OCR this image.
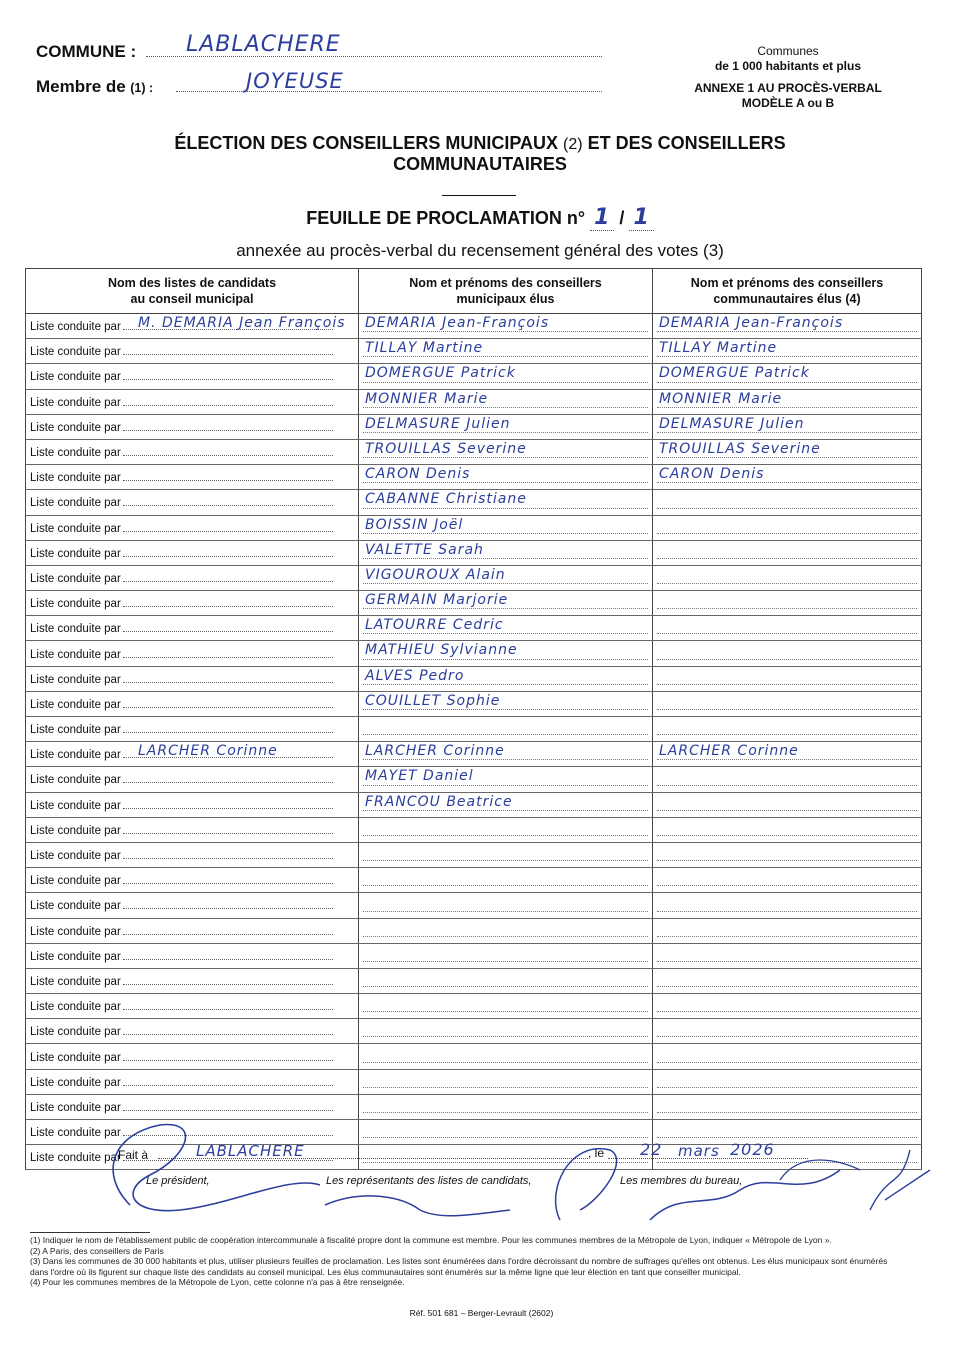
COMMUNE : LABLACHERE
Membre de (1) :	JOYEUSE
Communes
de 1 000 habitants et plus
ANNEXE 1 AU PROCÈS-VERBAL
MODÈLE A ou B
ÉLECTION DES CONSEILLERS MUNICIPAUX (2) ET DES CONSEILLERS
COMMUNAUTAIRES
FEUILLE DE PROCLAMATION n° 1 / 1
annexée au procès-verbal du recensement général des votes (3)
Nom des listes de candidats
au conseil municipal	Nom et prénoms des conseillers
municipaux élus	Nom et prénoms des conseillers
communautaires élus (4)
Liste conduite par M. DEMARIA Jean François	DEMARIA Jean-François	DEMARIA Jean-François

Liste conduite par	TILLAY Martine	TILLAY Martine

Liste conduite par	DOMERGUE Patrick	DOMERGUE Patrick

Liste conduite par	MONNIER Marie	MONNIER Marie

Liste conduite par	DELMASURE Julien	DELMASURE Julien

Liste conduite par	TROUILLAS Severine	TROUILLAS Severine

Liste conduite par	CARON Denis	CARON Denis

Liste conduite par	CABANNE Christiane	

Liste conduite par	BOISSIN Joël	

Liste conduite par	VALETTE Sarah	

Liste conduite par	VIGOUROUX Alain	

Liste conduite par	GERMAIN Marjorie	

Liste conduite par	LATOURRE Cedric	

Liste conduite par	MATHIEU Sylvianne	

Liste conduite par	ALVES Pedro	

Liste conduite par	COUILLET Sophie	

Liste conduite par	

Liste conduite par LARCHER Corinne	LARCHER Corinne	LARCHER Corinne

Liste conduite par	MAYET Daniel	

Liste conduite par	FRANCOU Beatrice	

Liste conduite par	

Liste conduite par	

Liste conduite par	

Liste conduite par	

Liste conduite par	

Liste conduite par	

Liste conduite par	

Liste conduite par	

Liste conduite par	

Liste conduite par	

Liste conduite par	

Liste conduite par	

Liste conduite par	

Liste conduite par	

Fait à	LABLACHERE	, le 22 mars 2026
Le président,	Les représentants des listes de candidats,	Les membres du bureau,
(1) Indiquer le nom de l'établissement public de coopération intercommunale à fiscalité propre dont la commune est membre. Pour les communes membres de la Métropole de Lyon, indiquer « Métropole de Lyon ».
(2) A Paris, des conseillers de Paris
(3) Dans les communes de 30 000 habitants et plus, utiliser plusieurs feuilles de proclamation. Les listes sont énumérées dans l'ordre décroissant du nombre de suffrages qu'elles ont obtenus. Les élus municipaux sont énumérés dans l'ordre où ils figurent sur chaque liste des candidats au conseil municipal. Les élus communautaires sont énumérés sur la même ligne que leur élection en tant que conseiller municipal.
(4) Pour les communes membres de la Métropole de Lyon, cette colonne n'a pas à être renseignée.
Réf. 501 681 – Berger-Levrault (2602)
